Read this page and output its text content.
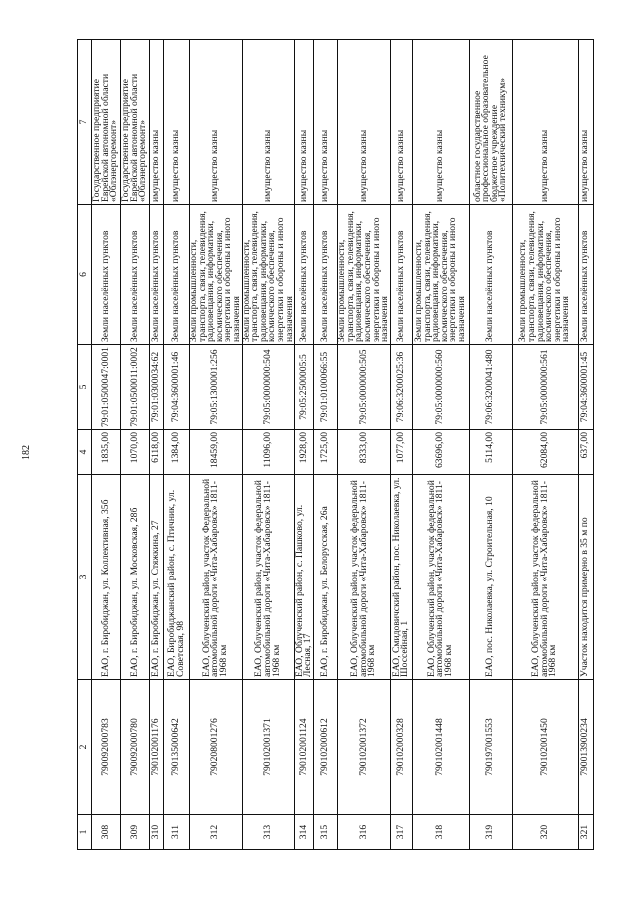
182
1	2	3	4	5	6	7
308	790092000783	ЕАО, г. Биробиджан, ул. Коллективная, 35б	1835,00	79:01:0500047:0001	Земли населённых пунктов	Государственное предприятие Еврейской автономной области «Облэнергоремонт»
309	790092000780	ЕАО, г. Биробиджан, ул. Московская, 28б	1070,00	79:01:0500011:0002	Земли населённых пунктов	Государственное предприятие Еврейской автономной области «Облэнергоремонт»
310	790102001176	ЕАО, г. Биробиджан, ул. Стяжкина, 27	6118,00	79:01:0300034:62	Земли населённых пунктов	имущество казны
311	790135000642	ЕАО, Биробиджанский район, с. Птичник, ул. Советская, 98	1384,00	79:04:3600001:46	Земли населённых пунктов	имущество казны
312	790208001276	ЕАО, Облученский район, участок Федеральной автомобильной дороги «Чита-Хабаровск» 1811-1968 км	18459,00	79:05:1300001:256	Земли промышленности, транспорта, связи, телевидения, радиовещания, информатики, космического обеспечения, энергетики и обороны и иного назначения	имущество казны
313	790102001371	ЕАО, Облученский район, участок федеральной автомобильной дороги «Чита-Хабаровск» 1811-1968 км	11096,00	79:05:0000000:504	Земли промышленности, транспорта, связи, телевидения, радиовещания, информатики, космического обеспечения, энергетики и обороны и иного назначения	имущество казны
314	790102001124	ЕАО, Облученский район, с. Пашково, ул. Лесная, 17	1928,00	79:05:2500005:5	Земли населённых пунктов	имущество казны
315	790102000612	ЕАО, г. Биробиджан, ул. Белорусская, 26а	1725,00	79:01:0100066:55	Земли населённых пунктов	имущество казны
316	790102001372	ЕАО, Облученский район, участок федеральной автомобильной дороги «Чита-Хабаровск» 1811-1968 км	8333,00	79:05:0000000:505	Земли промышленности, транспорта, связи, телевидения, радиовещания, информатики, космического обеспечения, энергетики и обороны и иного назначения	имущество казны
317	790102000328	ЕАО, Смидовичский район, пос. Николаевка, ул. Шоссейная, 1	1077,00	79:06:3200025:36	Земли населённых пунктов	имущество казны
318	790102001448	ЕАО, Облученский район, участок федеральной автомобильной дороги «Чита-Хабаровск» 1811-1968 км	63696,00	79:05:0000000:560	Земли промышленности, транспорта, связи, телевидения, радиовещания, информатики, космического обеспечения, энергетики и обороны и иного назначения	имущество казны
319	790197001553	ЕАО, пос. Николаевка, ул. Строительная, 10	5114,00	79:06:3200041:480	Земли населённых пунктов	областное государственное профессиональное образовательное бюджетное учреждение «Политехнический техникум»
320	790102001450	ЕАО, Облученский район, участок федеральной автомобильной дороги «Чита-Хабаровск» 1811-1968 км	62084,00	79:05:0000000:561	Земли промышленности, транспорта, связи, телевидения, радиовещания, информатики, космического обеспечения, энергетики и обороны и иного назначения	имущество казны
321	790013900234	Участок находится примерно в 35 м по	637,00	79:04:3600001:45	Земли населённых пунктов	имущество казны
